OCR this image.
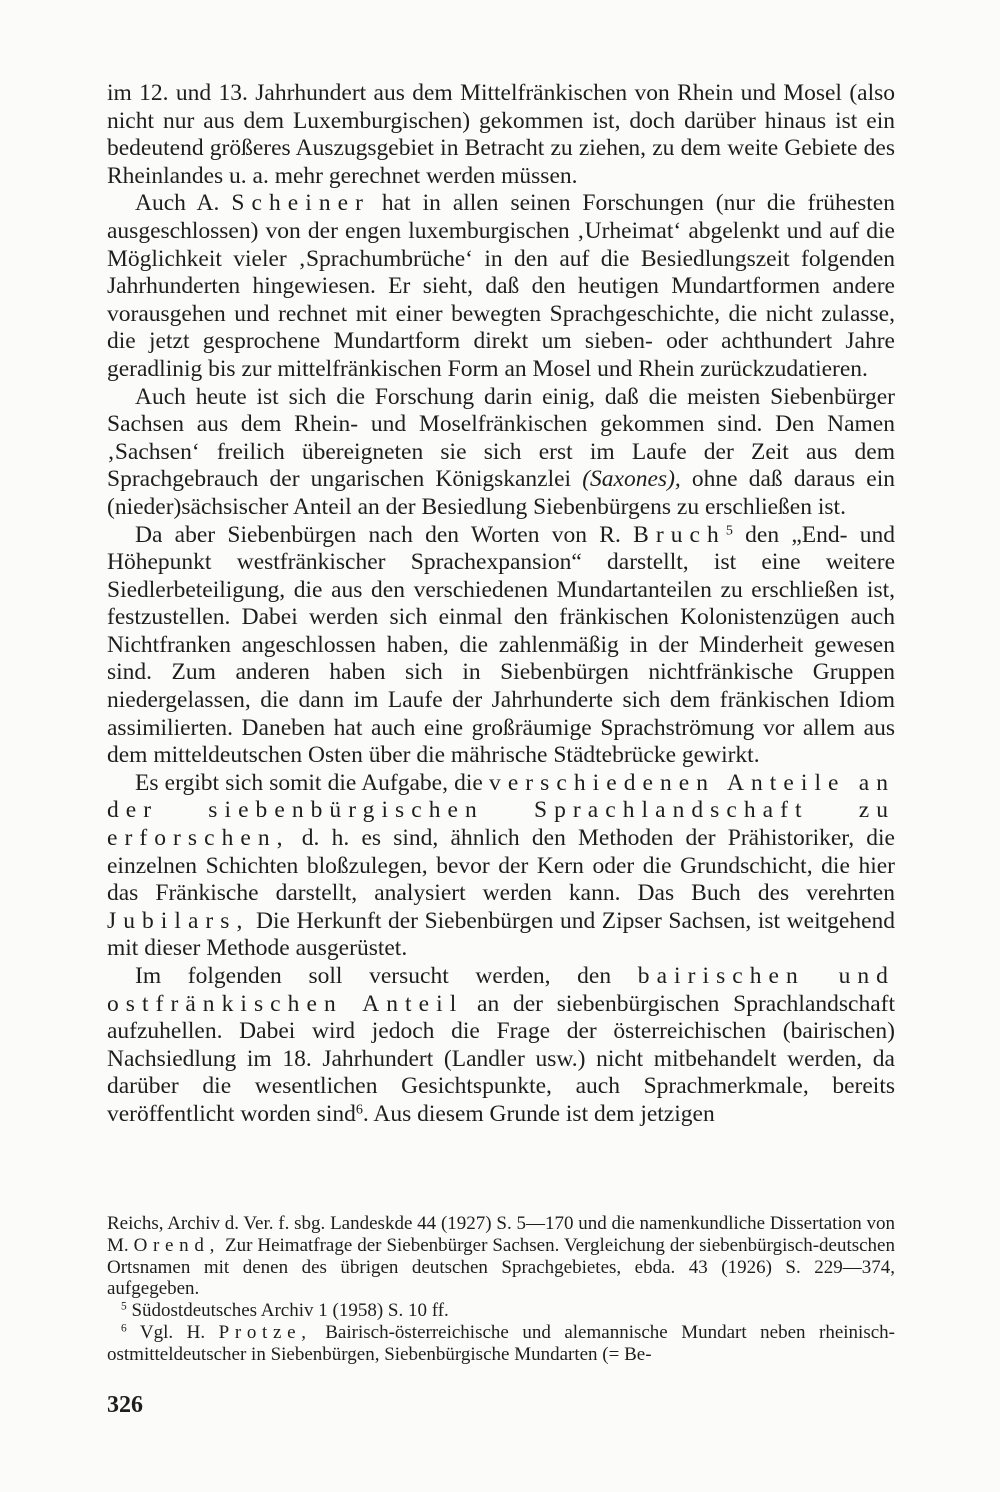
im 12. und 13. Jahrhundert aus dem Mittelfränkischen von Rhein und Mosel (also nicht nur aus dem Luxemburgischen) gekommen ist, doch darüber hinaus ist ein bedeutend größeres Auszugsgebiet in Betracht zu ziehen, zu dem weite Gebiete des Rheinlandes u. a. mehr gerechnet werden müssen.

Auch A. Scheiner hat in allen seinen Forschungen (nur die frühesten ausgeschlossen) von der engen luxemburgischen ‚Urheimat‘ abgelenkt und auf die Möglichkeit vieler ‚Sprachumbrüche‘ in den auf die Besiedlungszeit folgenden Jahrhunderten hingewiesen. Er sieht, daß den heutigen Mundartformen andere vorausgehen und rechnet mit einer bewegten Sprachgeschichte, die nicht zulasse, die jetzt gesprochene Mundartform direkt um sieben- oder achthundert Jahre geradlinig bis zur mittelfränkischen Form an Mosel und Rhein zurückzudatieren.

Auch heute ist sich die Forschung darin einig, daß die meisten Siebenbürger Sachsen aus dem Rhein- und Moselfränkischen gekommen sind. Den Namen ‚Sachsen‘ freilich übereigneten sie sich erst im Laufe der Zeit aus dem Sprachgebrauch der ungarischen Königskanzlei (Saxones), ohne daß daraus ein (nieder)sächsischer Anteil an der Besiedlung Siebenbürgens zu erschließen ist.

Da aber Siebenbürgen nach den Worten von R. Bruch$^5$ den „End- und Höhepunkt westfränkischer Sprachexpansion“ darstellt, ist eine weitere Siedlerbeteiligung, die aus den verschiedenen Mundartanteilen zu erschließen ist, festzustellen. Dabei werden sich einmal den fränkischen Kolonistenzügen auch Nichtfranken angeschlossen haben, die zahlenmäßig in der Minderheit gewesen sind. Zum anderen haben sich in Siebenbürgen nichtfränkische Gruppen niedergelassen, die dann im Laufe der Jahrhunderte sich dem fränkischen Idiom assimilierten. Daneben hat auch eine großräumige Sprachströmung vor allem aus dem mitteldeutschen Osten über die mährische Städtebrücke gewirkt.

Es ergibt sich somit die Aufgabe, die verschiedenen Anteile an der siebenbürgischen Sprachlandschaft zu erforschen, d. h. es sind, ähnlich den Methoden der Prähistoriker, die einzelnen Schichten bloßzulegen, bevor der Kern oder die Grundschicht, die hier das Fränkische darstellt, analysiert werden kann. Das Buch des verehrten Jubilars, Die Herkunft der Siebenbürgen und Zipser Sachsen, ist weitgehend mit dieser Methode ausgerüstet.

Im folgenden soll versucht werden, den bairischen und ostfränkischen Anteil an der siebenbürgischen Sprachlandschaft aufzuhellen. Dabei wird jedoch die Frage der österreichischen (bairischen) Nachsiedlung im 18. Jahrhundert (Landler usw.) nicht mitbehandelt werden, da darüber die wesentlichen Gesichtspunkte, auch Sprachmerkmale, bereits veröffentlicht worden sind$^6$. Aus diesem Grunde ist dem jetzigen

Reichs, Archiv d. Ver. f. sbg. Landeskde 44 (1927) S. 5—170 und die namenkundliche Dissertation von M. Orend, Zur Heimatfrage der Siebenbürger Sachsen. Vergleichung der siebenbürgisch-deutschen Ortsnamen mit denen des übrigen deutschen Sprachgebietes, ebda. 43 (1926) S. 229—374, aufgegeben.

$^5$ Südostdeutsches Archiv 1 (1958) S. 10 ff.

$^6$ Vgl. H. Protze, Bairisch-österreichische und alemannische Mundart neben rheinisch-ostmitteldeutscher in Siebenbürgen, Siebenbürgische Mundarten (= Be-

326
